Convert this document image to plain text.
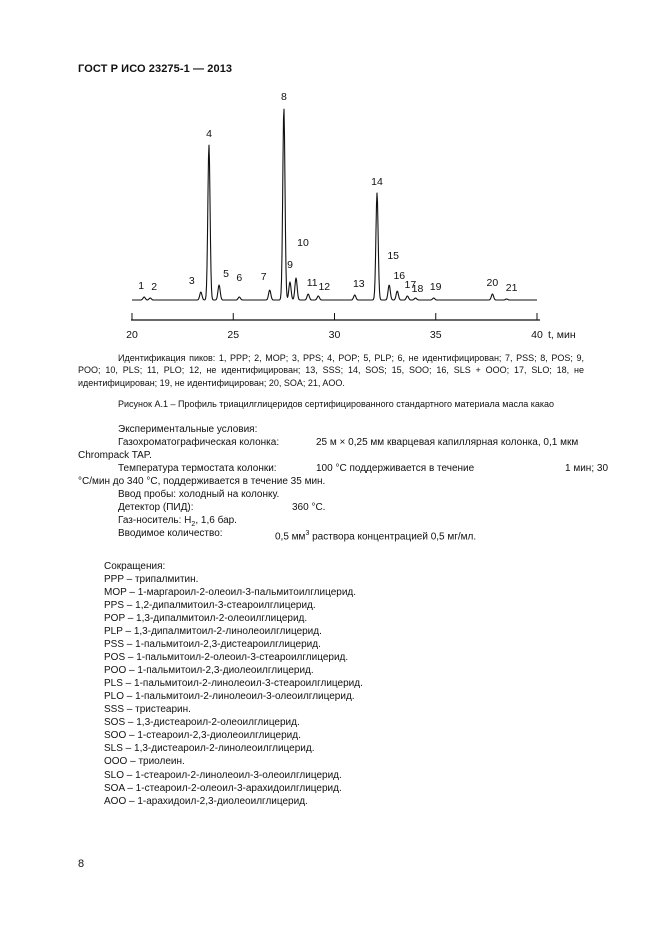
ГОСТ Р ИСО 23275-1 — 2013
20	25	30	35	40
1 2	3
4
5 6 7
8
9
10
11 12 13
14
15
16
17
18 19	20 21
t, мин
Идентификация пиков: 1, PPP; 2, MOP; 3, PPS; 4, POP; 5, PLP; 6, не идентифицирован; 7, PSS; 8, POS; 9, POO; 10, PLS; 11, PLO; 12, не идентифицирован; 13, SSS; 14, SOS; 15, SOO; 16, SLS + OOO; 17, SLO; 18, не идентифицирован; 19, не идентифицирован; 20, SOA; 21, AOO.
Рисунок А.1 – Профиль триацилглицеридов сертифицированного стандартного материала масла какао
Экспериментальные условия:
Газохроматографическая колонка:	25 м × 0,25 мм кварцевая капиллярная колонка, 0,1 мкм
Chrompack TAP.
Температура термостата колонки:	100 °С поддерживается в течение	1 мин; 30
°С/мин до 340 °С, поддерживается в течение 35 мин.
Ввод пробы: холодный на колонку.
Детектор (ПИД):	360 °С.
Газ-носитель: $H_2$, 1,6 бар.
Вводимое количество:	0,5 $мм^3$ раствора концентрацией 0,5 мг/мл.
Сокращения:
PPP – трипалмитин.
MOP – 1-маргароил-2-олеоил-3-пальмитоилглицерид.
PPS – 1,2-дипалмитоил-3-стеароилглицерид.
POP – 1,3-дипалмитоил-2-олеоилглицерид.
PLP – 1,3-дипалмитоил-2-линолеоилглицерид.
PSS – 1-пальмитоил-2,3-дистеароилглицерид.
POS – 1-пальмитоил-2-олеоил-3-стеароилглицерид.
POO – 1-пальмитоил-2,3-диолеоилглицерид.
PLS – 1-пальмитоил-2-линолеоил-3-стеароилглицерид.
PLO – 1-пальмитоил-2-линолеоил-3-олеоилглицерид.
SSS – тристеарин.
SOS – 1,3-дистеароил-2-олеоилглицерид.
SOO – 1-стеароил-2,3-диолеоилглицерид.
SLS – 1,3-дистеароил-2-линолеоилглицерид.
OOO – триолеин.
SLO – 1-стеароил-2-линолеоил-3-олеоилглицерид.
SOA – 1-стеароил-2-олеоил-3-арахидоилглицерид.
AOO – 1-арахидоил-2,3-диолеоилглицерид.
8
